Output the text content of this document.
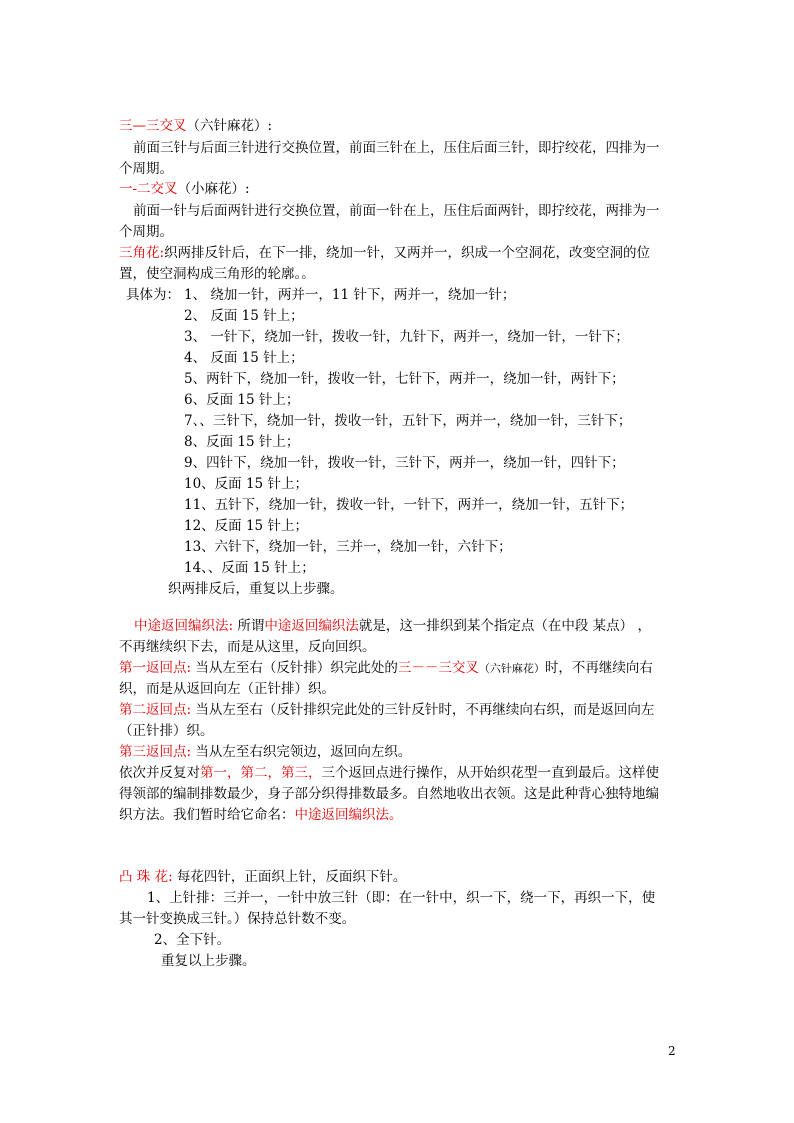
三—三交叉（六针麻花）:
前面三针与后面三针进行交换位置，前面三针在上，压住后面三针，即拧绞花，四排为一
个周期。
一-二交叉（小麻花）:
前面一针与后面两针进行交换位置，前面一针在上，压住后面两针，即拧绞花，两排为一
个周期。
三角花:织两排反针后，在下一排，绕加一针，又两并一，织成一个空洞花，改变空洞的位
置，使空洞构成三角形的轮廓。。
具体为： 1、 绕加一针，两并一，11 针下，两并一，绕加一针；
2、 反面 15 针上；
3、 一针下，绕加一针，拨收一针，九针下，两并一，绕加一针，一针下；
4、 反面 15 针上；
5、两针下，绕加一针，拨收一针，七针下，两并一，绕加一针，两针下；
6、反面 15 针上；
7、、三针下，绕加一针，拨收一针，五针下，两并一，绕加一针，三针下；
8、反面 15 针上；
9、四针下，绕加一针，拨收一针，三针下，两并一，绕加一针，四针下；
10、反面 15 针上；
11、五针下，绕加一针，拨收一针，一针下，两并一，绕加一针，五针下；
12、反面 15 针上；
13、六针下，绕加一针，三并一，绕加一针，六针下；
14、、反面 15 针上；
织两排反后，重复以上步骤。
中途返回编织法: 所谓中途返回编织法就是，这一排织到某个指定点（在中段 某点） ，
不再继续织下去，而是从这里，反向回织。
第一返回点: 当从左至右（反针排）织完此处的三－－三交叉（六针麻花）时，不再继续向右
织，而是从返回向左（正针排）织。
第二返回点: 当从左至右（反针排织完此处的三针反针时，不再继续向右织，而是返回向左
（正针排）织。
第三返回点: 当从左至右织完领边，返回向左织。
依次并反复对第一，第二，第三，三个返回点进行操作，从开始织花型一直到最后。这样使
得领部的编制排数最少，身子部分织得排数最多。自然地收出衣领。这是此种背心独特地编
织方法。我们暂时给它命名：中途返回编织法。
凸 珠 花: 每花四针，正面织上针，反面织下针。
1、上针排：三并一，一针中放三针（即：在一针中，织一下，绕一下，再织一下，使
其一针变换成三针。）保持总针数不变。
2、全下针。
重复以上步骤。
2
